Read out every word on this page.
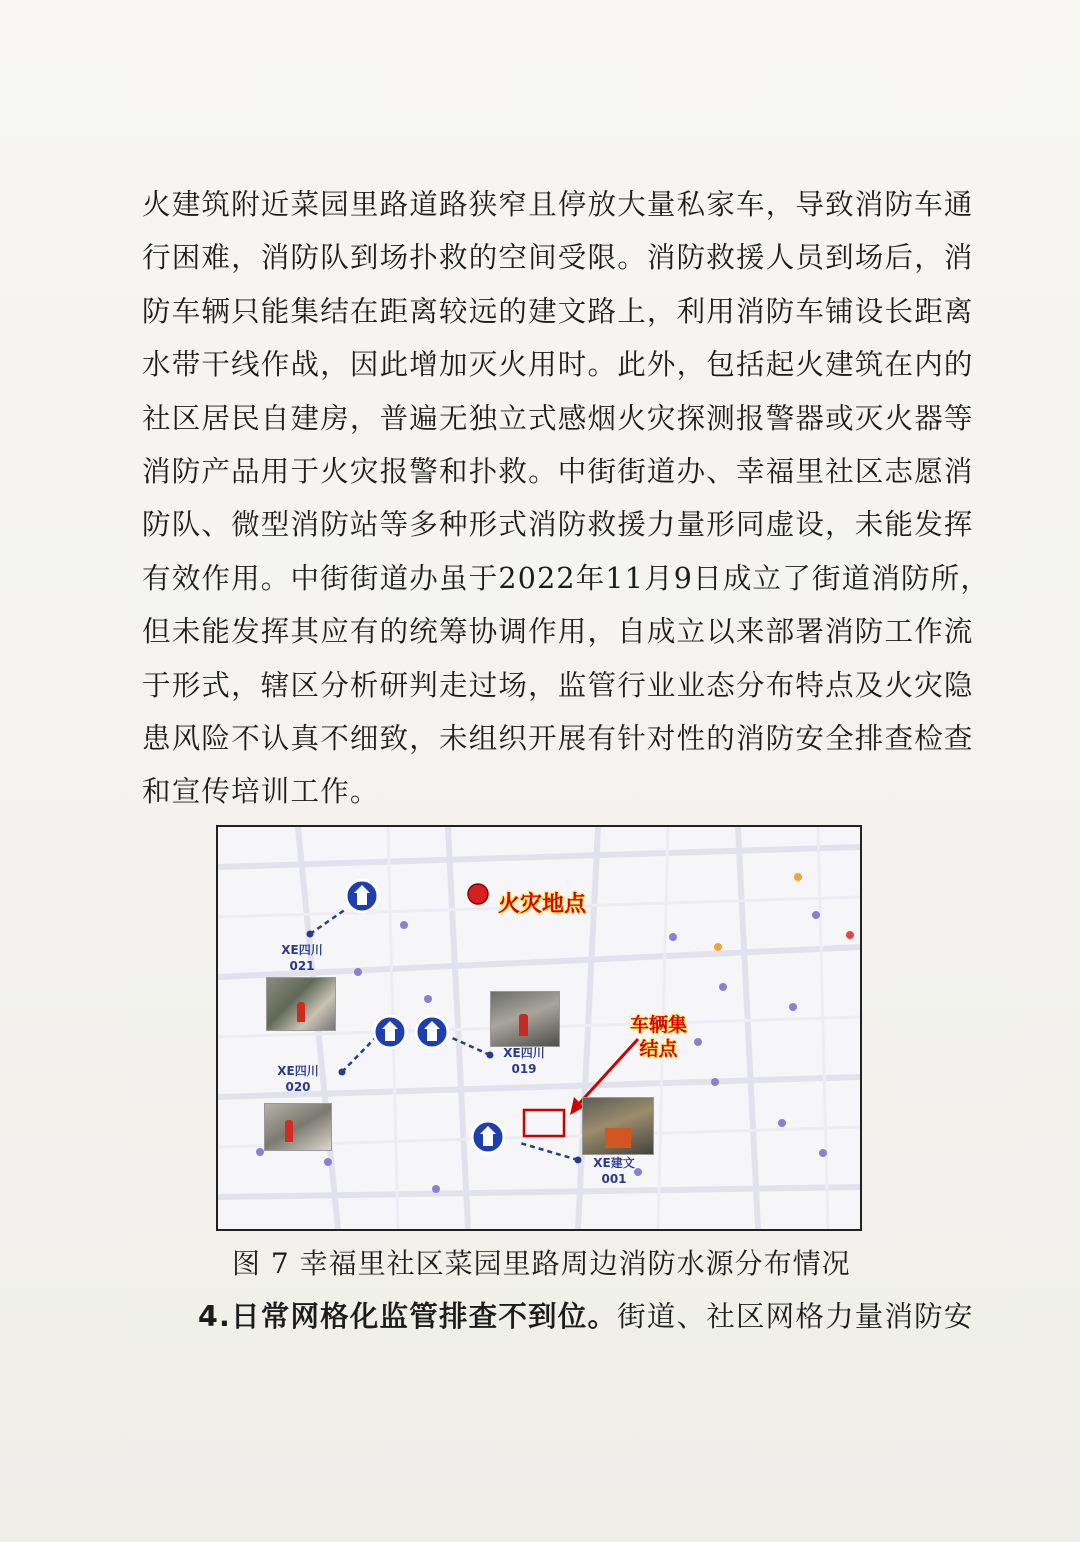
火建筑附近菜园里路道路狭窄且停放大量私家车，导致消防车通
行困难，消防队到场扑救的空间受限。消防救援人员到场后，消
防车辆只能集结在距离较远的建文路上，利用消防车铺设长距离
水带干线作战，因此增加灭火用时。此外，包括起火建筑在内的
社区居民自建房，普遍无独立式感烟火灾探测报警器或灭火器等
消防产品用于火灾报警和扑救。中街街道办、幸福里社区志愿消
防队、微型消防站等多种形式消防救援力量形同虚设，未能发挥
有效作用。中街街道办虽于2022年11月9日成立了街道消防所，
但未能发挥其应有的统筹协调作用，自成立以来部署消防工作流
于形式，辖区分析研判走过场，监管行业业态分布特点及火灾隐
患风险不认真不细致，未组织开展有针对性的消防安全排查检查
和宣传培训工作。
火灾地点
车辆集
结点
XE四川
021
XE四川
020
XE四川
019
XE建文
001
图 7 幸福里社区菜园里路周边消防水源分布情况
4.日常网格化监管排查不到位。街道、社区网格力量消防安
